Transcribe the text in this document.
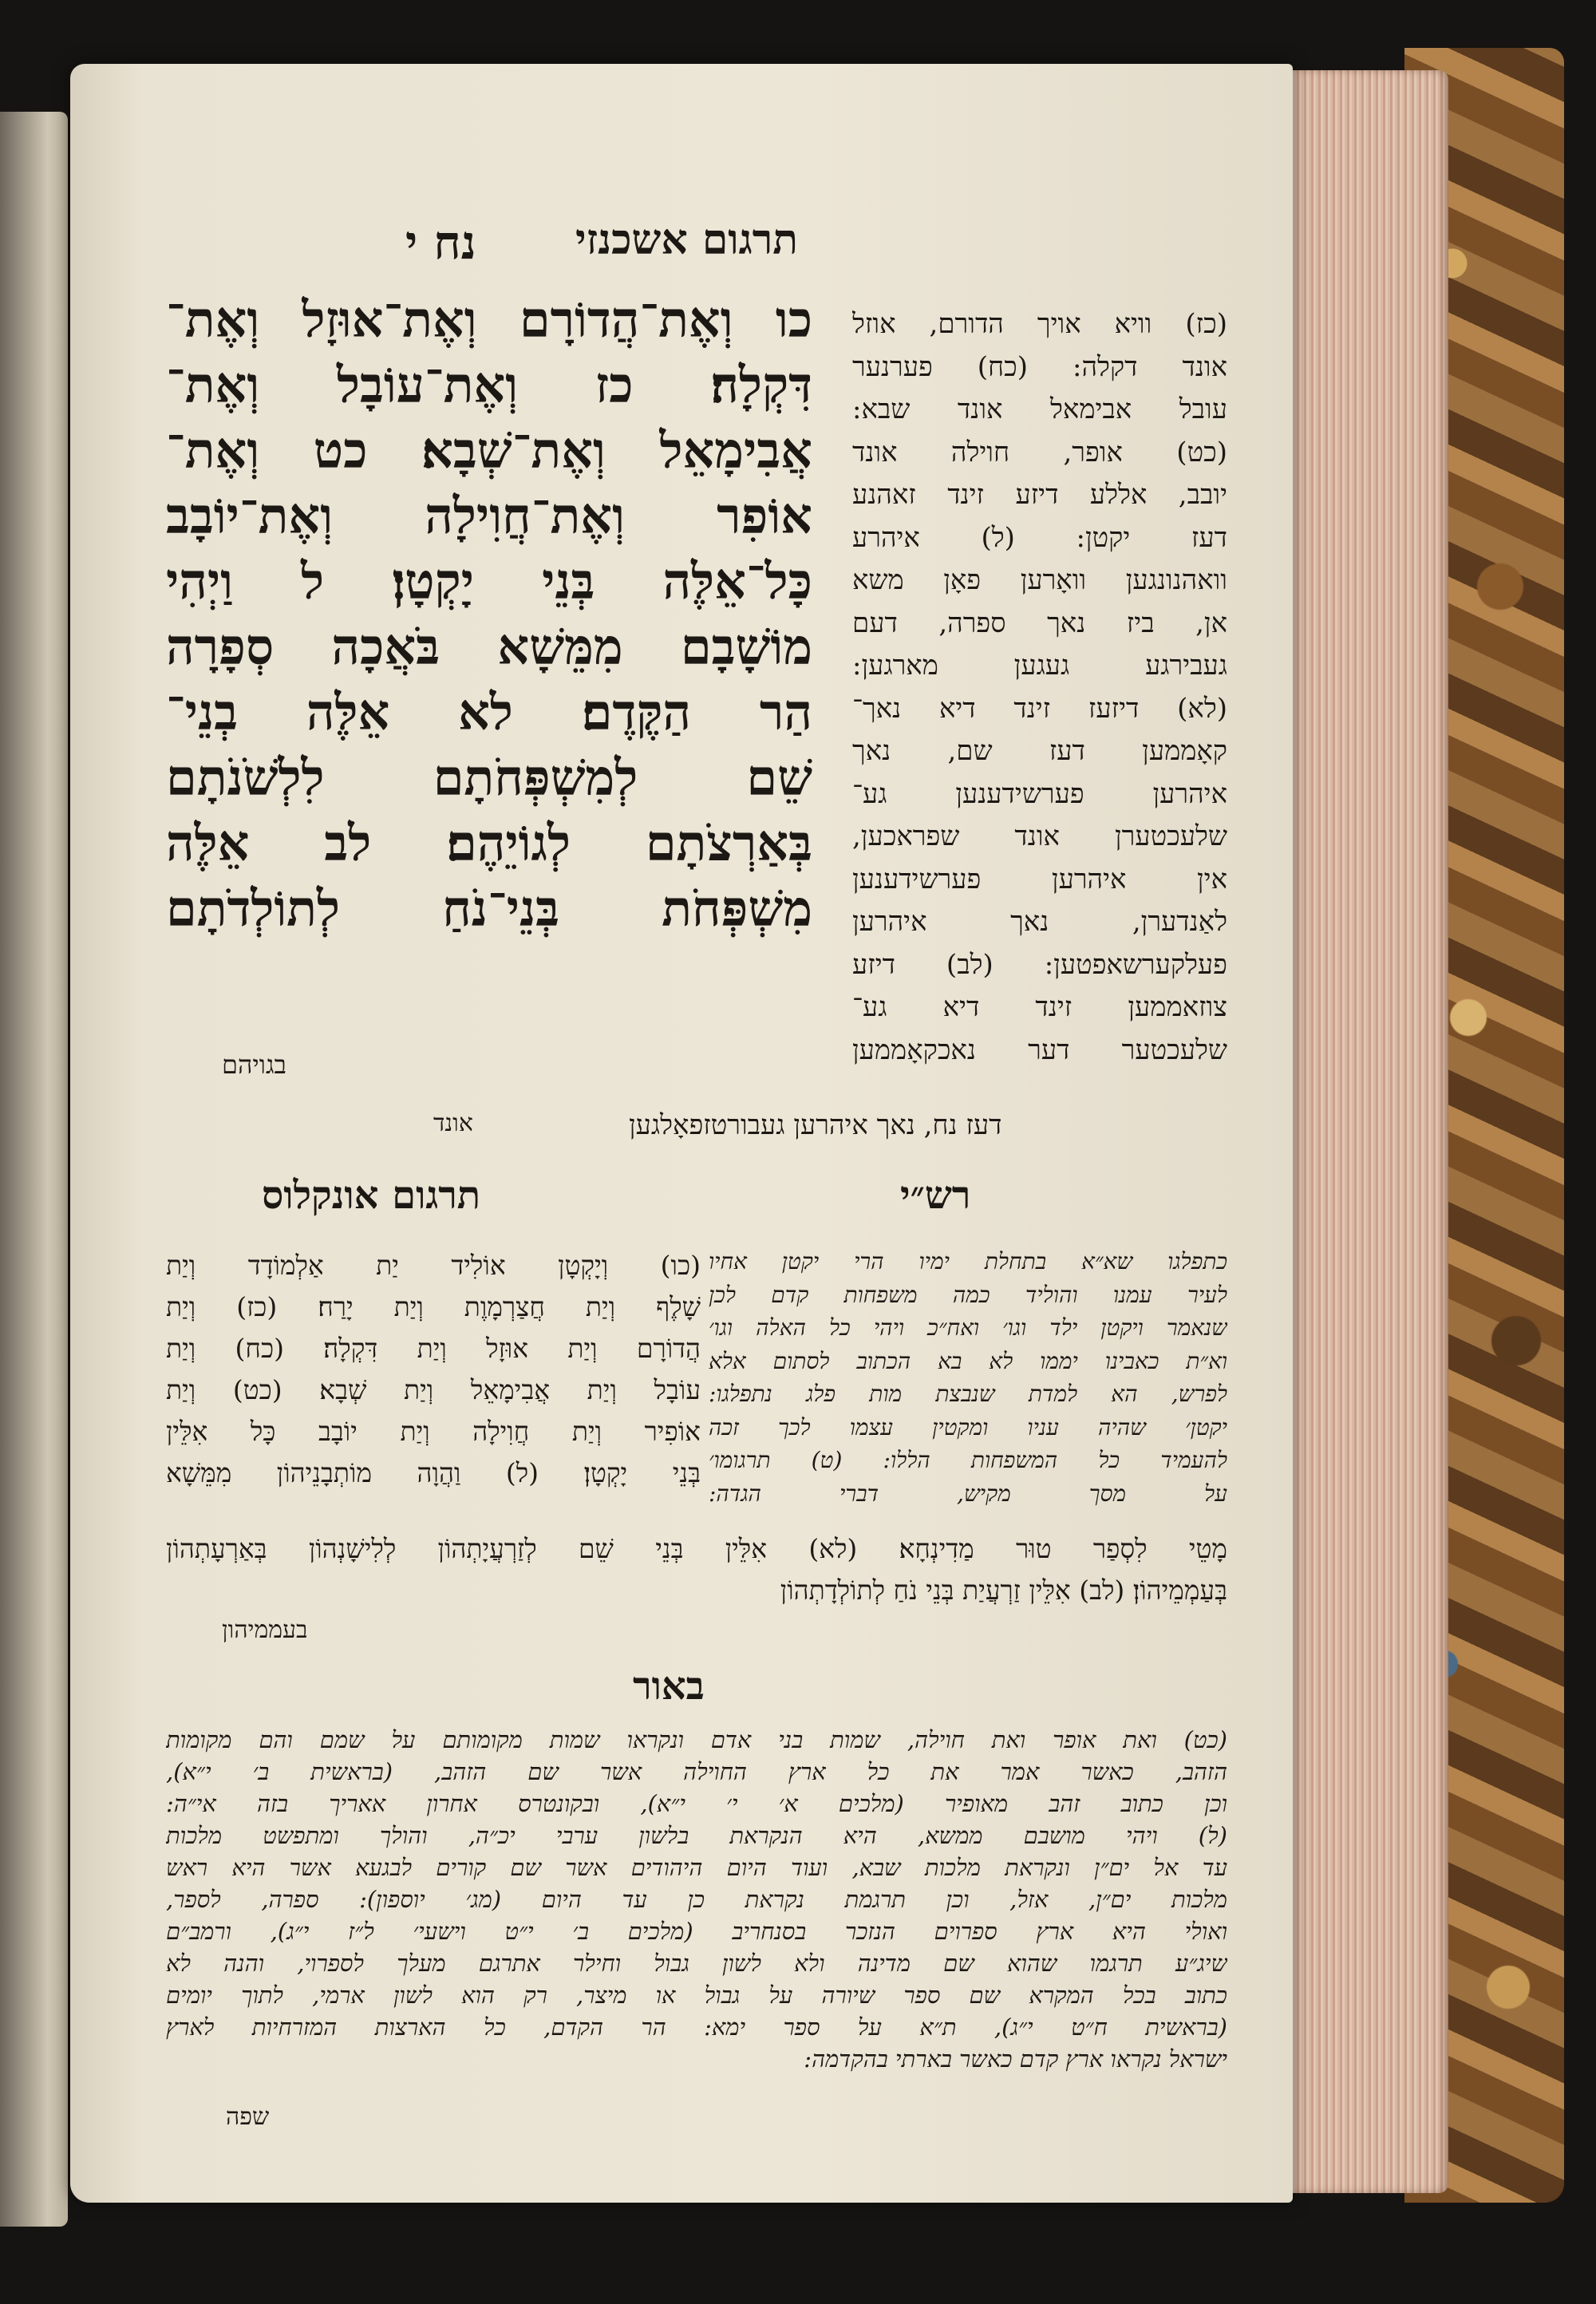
נח י תרגום אשכנזי
כו וְאֶת־הֲדוֹרָם וְאֶת־אוּזָל וְאֶת־
דִּקְלָה׃ כז וְאֶת־עוֹבָל וְאֶת־
אֲבִימָאֵל וְאֶת־שְׁבָא׃ כט וְאֶת־
אוֹפִר וְאֶת־חֲוִילָה וְאֶת־יוֹבָב
כָּל־אֵלֶּה בְּנֵי יָקְטָן׃ ל וַיְהִי
מוֹשָׁבָם מִמֵּשָׁא בֹּאֲכָה סְפָרָה
הַר הַקֶּדֶם׃ לא אֵלֶּה בְנֵי־
שֵׁם לְמִשְׁפְּחֹתָם לִלְשֹׁנֹתָם
בְּאַרְצֹתָם לְגוֹיֵהֶם׃ לב אֵלֶּה
מִשְׁפְּחֹת בְּנֵי־נֹחַ לְתוֹלְדֹתָם
בגויהם
(כז) וויא אויך הדורם, אוזל
אונד דקלה: (כח) פערנער
עובל אבימאל אונד שבא:
(כט) אופר, חוילה אונד
יובב, אללע דיזע זינד זאהנע
דעז יקטן: (ל) איהרע
וואהנונגען וואָרען פאָן משא
אן, ביז נאך ספרה, דעם
געבירגע געגען מארגען:
(לא) דיזעז זינד דיא נאך־
קאָממען דעז שם, נאך
איהרען פערשידענען גע־
שלעכטערן אונד שפראכען,
אין איהרען פערשידענען
לאַנדערן, נאך איהרען
פעלקערשאפטען: (לב) דיזע
צוזאממען זינד דיא גע־
שלעכטער דער נאכקאָממען
דעז נח, נאך איהרען געבורטזפאָלגען
אונד
רש״י
תרגום אונקלוס
כתפלגו שא״א בתחלת ימיו הרי יקטן אחיו
לעיר עמנו והוליד כמה משפחות קדם לכן
שנאמר ויקטן ילד וגו׳ ואח״כ ויהי כל האלה וגו׳
וא״ת כאבינו יממו לא בא הכתוב לסתום אלא
לפרש, הא למדת שנבצת מות פלג נתפלגו:
יקטן׳ שהיה עניו ומקטין עצמו לכך זכה
להעמיד כל המשפחות הללו: (ט) תרגומו׳
על מסך מקיש, דברי הגדה:
(כו) וְיָקְטָן אוֹלִיד יַת אַלְמוֹדָד וְיַת
שָׁלֶף וְיַת חֲצַרְמָוֶת וְיַת יָרַח׃ (כז) וְיַת
הֲדוֹרָם וְיַת אוּזָל וְיַת דִּקְלָה׃ (כח) וְיַת
עוֹבָל וְיַת אֲבִימָאֵל וְיַת שְׁבָא׃ (כט) וְיַת
אוֹפִיר וְיַת חֲוִילָה וְיַת יוֹבָב כָּל אִלֵּין
בְּנֵי יָקְטָן׃ (ל) וַהֲוָה מוֹתְבָנֵיהוֹן מִמֵּשָׁא
מָטֵי לִסְפַר טוּר מַדִינְחָא׃ (לא) אִלֵּין בְּנֵי שֵׁם לְזַרְעֲיָתְהוֹן לְלִישָׁנְהוֹן בְּאַרְעָתְהוֹן
בְּעַמְמֵיהוֹן׃ (לב) אִלֵּין זַרְעֲיַת בְּנֵי נֹחַ לְתוֹלְדָתְהוֹן
בעממיהון
באור
(כט) ואת אופר ואת חוילה, שמות בני אדם ונקראו שמות מקומותם על שמם והם מקומות
הזהב, כאשר אמר את כל ארץ החוילה אשר שם הזהב, (בראשית ב׳ י״א),
וכן כתוב זהב מאופיר (מלכים א׳ י׳ י״א), ובקונטרס אחרון אאריך בזה אי״ה:
(ל) ויהי מושבם ממשא, היא הנקראת בלשון ערבי יכ״ה, והולך ומתפשט מלכות
עד אל ים״ן ונקראת מלכות שבא, ועוד היום היהודים אשר שם קורים לבגעא אשר היא ראש
מלכות ים״ן, אזל, וכן תרגמת נקראת כן עד היום (מג׳ יוספון): ספרה, לספר,
ואולי היא ארץ ספרוים הנזכר בסנחריב (מלכים ב׳ י״ט וישעי׳ ל״ז י״ג), ורמב״ם
שיג״ע תרגמו שהוא שם מדינה ולא לשון גבול וחילר אתרגם מעלך לספרוי, והנה לא
כתוב בכל המקרא שם ספר שיורה על גבול או מיצר, רק הוא לשון ארמי, לתוך יומים
(בראשית ח״ט י״ג), ת״א על ספר ימא: הר הקדם, כל הארצות המזרחיות לארץ
ישראל נקראו ארץ קדם כאשר בארתי בהקדמה:
שפה
